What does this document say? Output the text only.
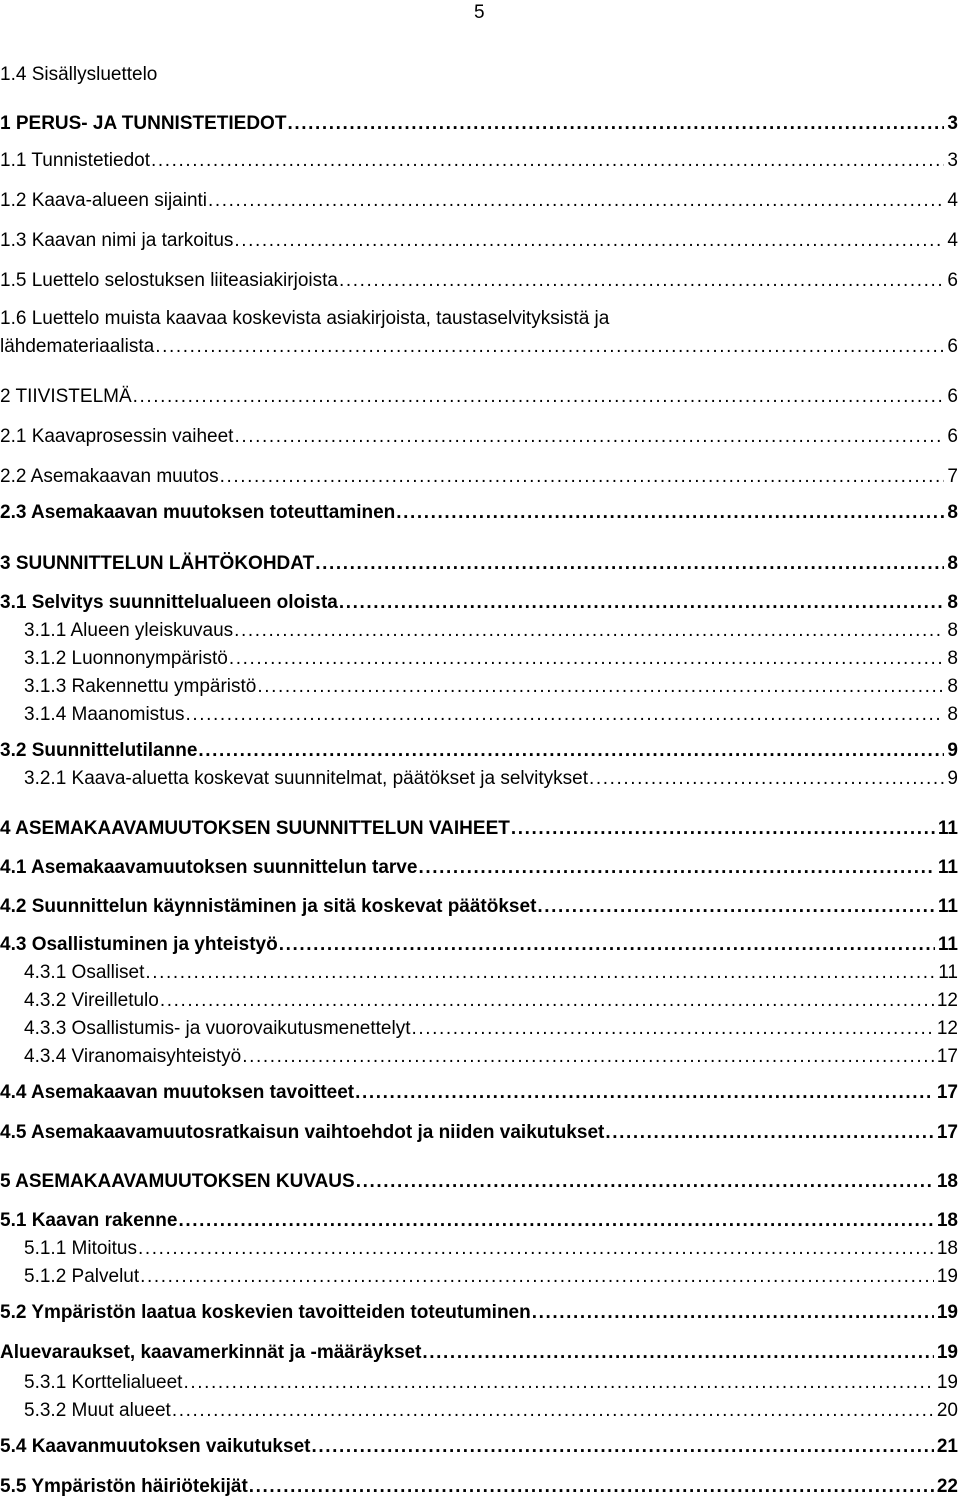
5
1.4 Sisällysluettelo
1 PERUS- JA TUNNISTETIEDOT .....	3
1.1 Tunnistetiedot .....	3
1.2 Kaava-alueen sijainti .....	4
1.3 Kaavan nimi ja tarkoitus .....	4
1.5 Luettelo selostuksen liiteasiakirjoista .....	6
1.6 Luettelo muista kaavaa koskevista asiakirjoista, taustaselvityksistä ja
lähdemateriaalista .....	6
2 TIIVISTELMÄ .....	6
2.1 Kaavaprosessin vaiheet .....	6
2.2 Asemakaavan muutos .....	7
2.3 Asemakaavan muutoksen toteuttaminen .....	8
3 SUUNNITTELUN LÄHTÖKOHDAT .....	8
3.1 Selvitys suunnittelualueen oloista .....	8
3.1.1 Alueen yleiskuvaus .....	8
3.1.2 Luonnonympäristö .....	8
3.1.3 Rakennettu ympäristö .....	8
3.1.4 Maanomistus .....	8
3.2 Suunnittelutilanne .....	9
3.2.1 Kaava-aluetta koskevat suunnitelmat, päätökset ja selvitykset .....	9
4 ASEMAKAAVAMUUTOKSEN SUUNNITTELUN VAIHEET .....	11
4.1 Asemakaavamuutoksen suunnittelun tarve .....	11
4.2 Suunnittelun käynnistäminen ja sitä koskevat päätökset .....	11
4.3 Osallistuminen ja yhteistyö .....	11
4.3.1 Osalliset .....	11
4.3.2 Vireilletulo .....	12
4.3.3 Osallistumis- ja vuorovaikutusmenettelyt .....	12
4.3.4 Viranomaisyhteistyö .....	17
4.4 Asemakaavan muutoksen tavoitteet .....	17
4.5 Asemakaavamuutosratkaisun vaihtoehdot ja niiden vaikutukset .....	17
5 ASEMAKAAVAMUUTOKSEN KUVAUS .....	18
5.1 Kaavan rakenne .....	18
5.1.1 Mitoitus .....	18
5.1.2 Palvelut .....	19
5.2 Ympäristön laatua koskevien tavoitteiden toteutuminen .....	19
Aluevaraukset, kaavamerkinnät ja -määräykset .....	19
5.3.1 Korttelialueet .....	19
5.3.2 Muut alueet .....	20
5.4 Kaavanmuutoksen vaikutukset .....	21
5.5 Ympäristön häiriötekijät .....	22
